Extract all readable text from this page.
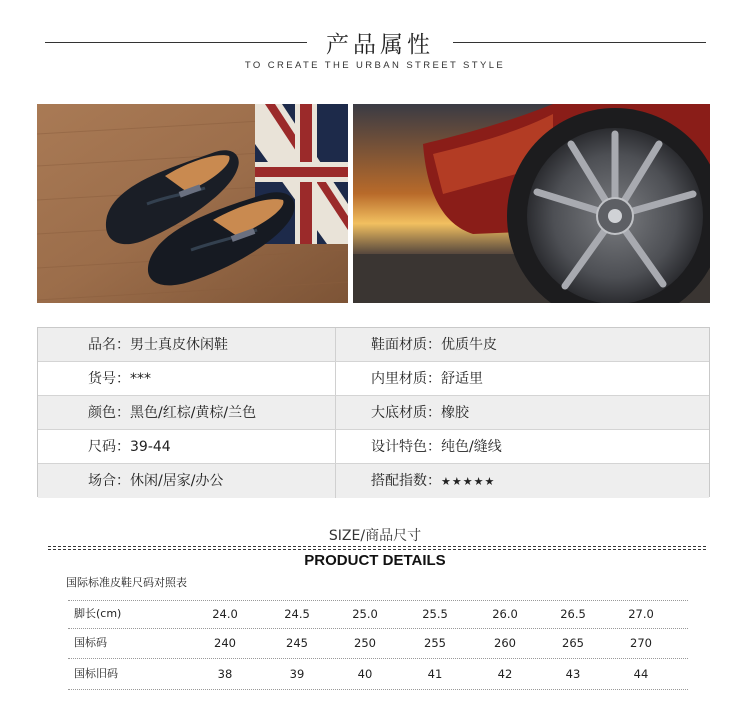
产品属性
TO CREATE THE URBAN STREET STYLE
品名：男士真皮休闲鞋	鞋面材质：优质牛皮
货号：***	内里材质：舒适里
颜色：黑色/红棕/黄棕/兰色	大底材质：橡胶
尺码：39-44	设计特色：纯色/缝线
场合：休闲/居家/办公	搭配指数：★★★★★
SIZE/商品尺寸
PRODUCT DETAILS
国际标准皮鞋尺码对照表
脚长(cm)	24.0	24.5	25.0	25.5	26.0	26.5	27.0
国标码	240	245	250	255	260	265	270
国标旧码	38	39	40	41	42	43	44
